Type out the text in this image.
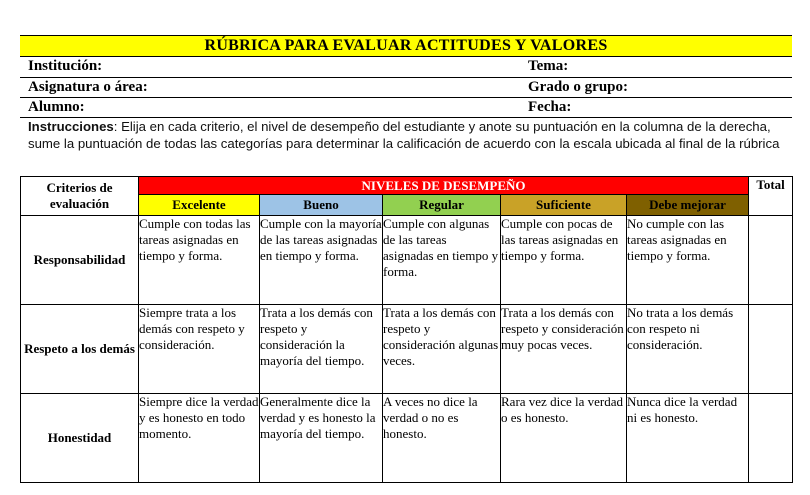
RÚBRICA PARA EVALUAR ACTITUDES Y VALORES
Institución:	Tema:
Asignatura o área:	Grado o grupo:
Alumno:	Fecha:
Instrucciones: Elija en cada criterio, el nivel de desempeño del estudiante y anote su puntuación en la columna de la derecha, sume la puntuación de todas las categorías para determinar la calificación de acuerdo con la escala ubicada al final de la rúbrica
Criterios de evaluación	NIVELES DE DESEMPEÑO					Total
	Excelente	Bueno	Regular	Suficiente	Debe mejorar	
Responsabilidad	Cumple con todas las tareas asignadas en tiempo y forma.	Cumple con la mayoría de las tareas asignadas en tiempo y forma.	Cumple con algunas de las tareas asignadas en tiempo y forma.	Cumple con pocas de las tareas asignadas en tiempo y forma.	No cumple con las tareas asignadas en tiempo y forma.	
Respeto a los demás	Siempre trata a los demás con respeto y consideración.	Trata a los demás con respeto y consideración la mayoría del tiempo.	Trata a los demás con respeto y consideración algunas veces.	Trata a los demás con respeto y consideración muy pocas veces.	No trata a los demás con respeto ni consideración.	
Honestidad	Siempre dice la verdad y es honesto en todo momento.	Generalmente dice la verdad y es honesto la mayoría del tiempo.	A veces no dice la verdad o no es honesto.	Rara vez dice la verdad o es honesto.	Nunca dice la verdad ni es honesto.	
